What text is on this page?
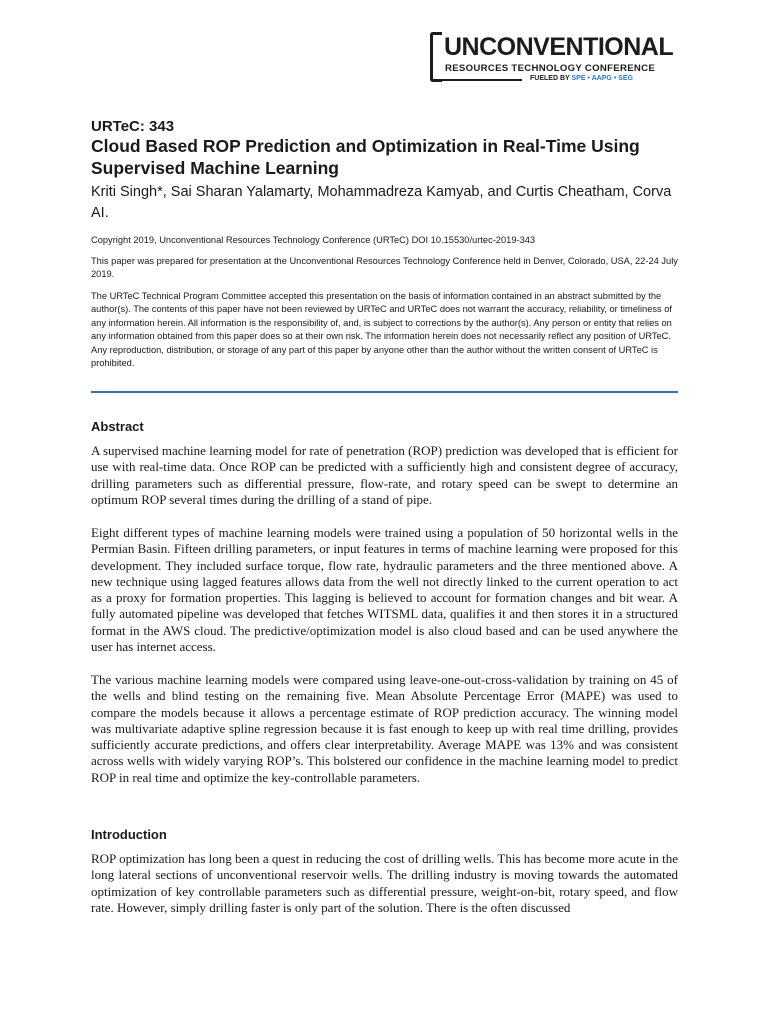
UNCONVENTIONAL
RESOURCES TECHNOLOGY CONFERENCE
FUELED BY SPE • AAPG • SEG
URTeC: 343
Cloud Based ROP Prediction and Optimization in Real-Time Using Supervised Machine Learning
Kriti Singh*, Sai Sharan Yalamarty, Mohammadreza Kamyab, and Curtis Cheatham, Corva AI.

Copyright 2019, Unconventional Resources Technology Conference (URTeC) DOI 10.15530/urtec-2019-343

This paper was prepared for presentation at the Unconventional Resources Technology Conference held in Denver, Colorado, USA, 22-24 July 2019.

The URTeC Technical Program Committee accepted this presentation on the basis of information contained in an abstract submitted by the author(s). The contents of this paper have not been reviewed by URTeC and URTeC does not warrant the accuracy, reliability, or timeliness of any information herein. All information is the responsibility of, and, is subject to corrections by the author(s). Any person or entity that relies on any information obtained from this paper does so at their own risk. The information herein does not necessarily reflect any position of URTeC. Any reproduction, distribution, or storage of any part of this paper by anyone other than the author without the written consent of URTeC is prohibited.

Abstract

A supervised machine learning model for rate of penetration (ROP) prediction was developed that is efficient for use with real-time data. Once ROP can be predicted with a sufficiently high and consistent degree of accuracy, drilling parameters such as differential pressure, flow-rate, and rotary speed can be swept to determine an optimum ROP several times during the drilling of a stand of pipe.

Eight different types of machine learning models were trained using a population of 50 horizontal wells in the Permian Basin. Fifteen drilling parameters, or input features in terms of machine learning were proposed for this development. They included surface torque, flow rate, hydraulic parameters and the three mentioned above. A new technique using lagged features allows data from the well not directly linked to the current operation to act as a proxy for formation properties. This lagging is believed to account for formation changes and bit wear. A fully automated pipeline was developed that fetches WITSML data, qualifies it and then stores it in a structured format in the AWS cloud. The predictive/optimization model is also cloud based and can be used anywhere the user has internet access.

The various machine learning models were compared using leave-one-out-cross-validation by training on 45 of the wells and blind testing on the remaining five. Mean Absolute Percentage Error (MAPE) was used to compare the models because it allows a percentage estimate of ROP prediction accuracy. The winning model was multivariate adaptive spline regression because it is fast enough to keep up with real time drilling, provides sufficiently accurate predictions, and offers clear interpretability. Average MAPE was 13% and was consistent across wells with widely varying ROP’s. This bolstered our confidence in the machine learning model to predict ROP in real time and optimize the key-controllable parameters.

Introduction

ROP optimization has long been a quest in reducing the cost of drilling wells. This has become more acute in the long lateral sections of unconventional reservoir wells. The drilling industry is moving towards the automated optimization of key controllable parameters such as differential pressure, weight-on-bit, rotary speed, and flow rate. However, simply drilling faster is only part of the solution. There is the often discussed
